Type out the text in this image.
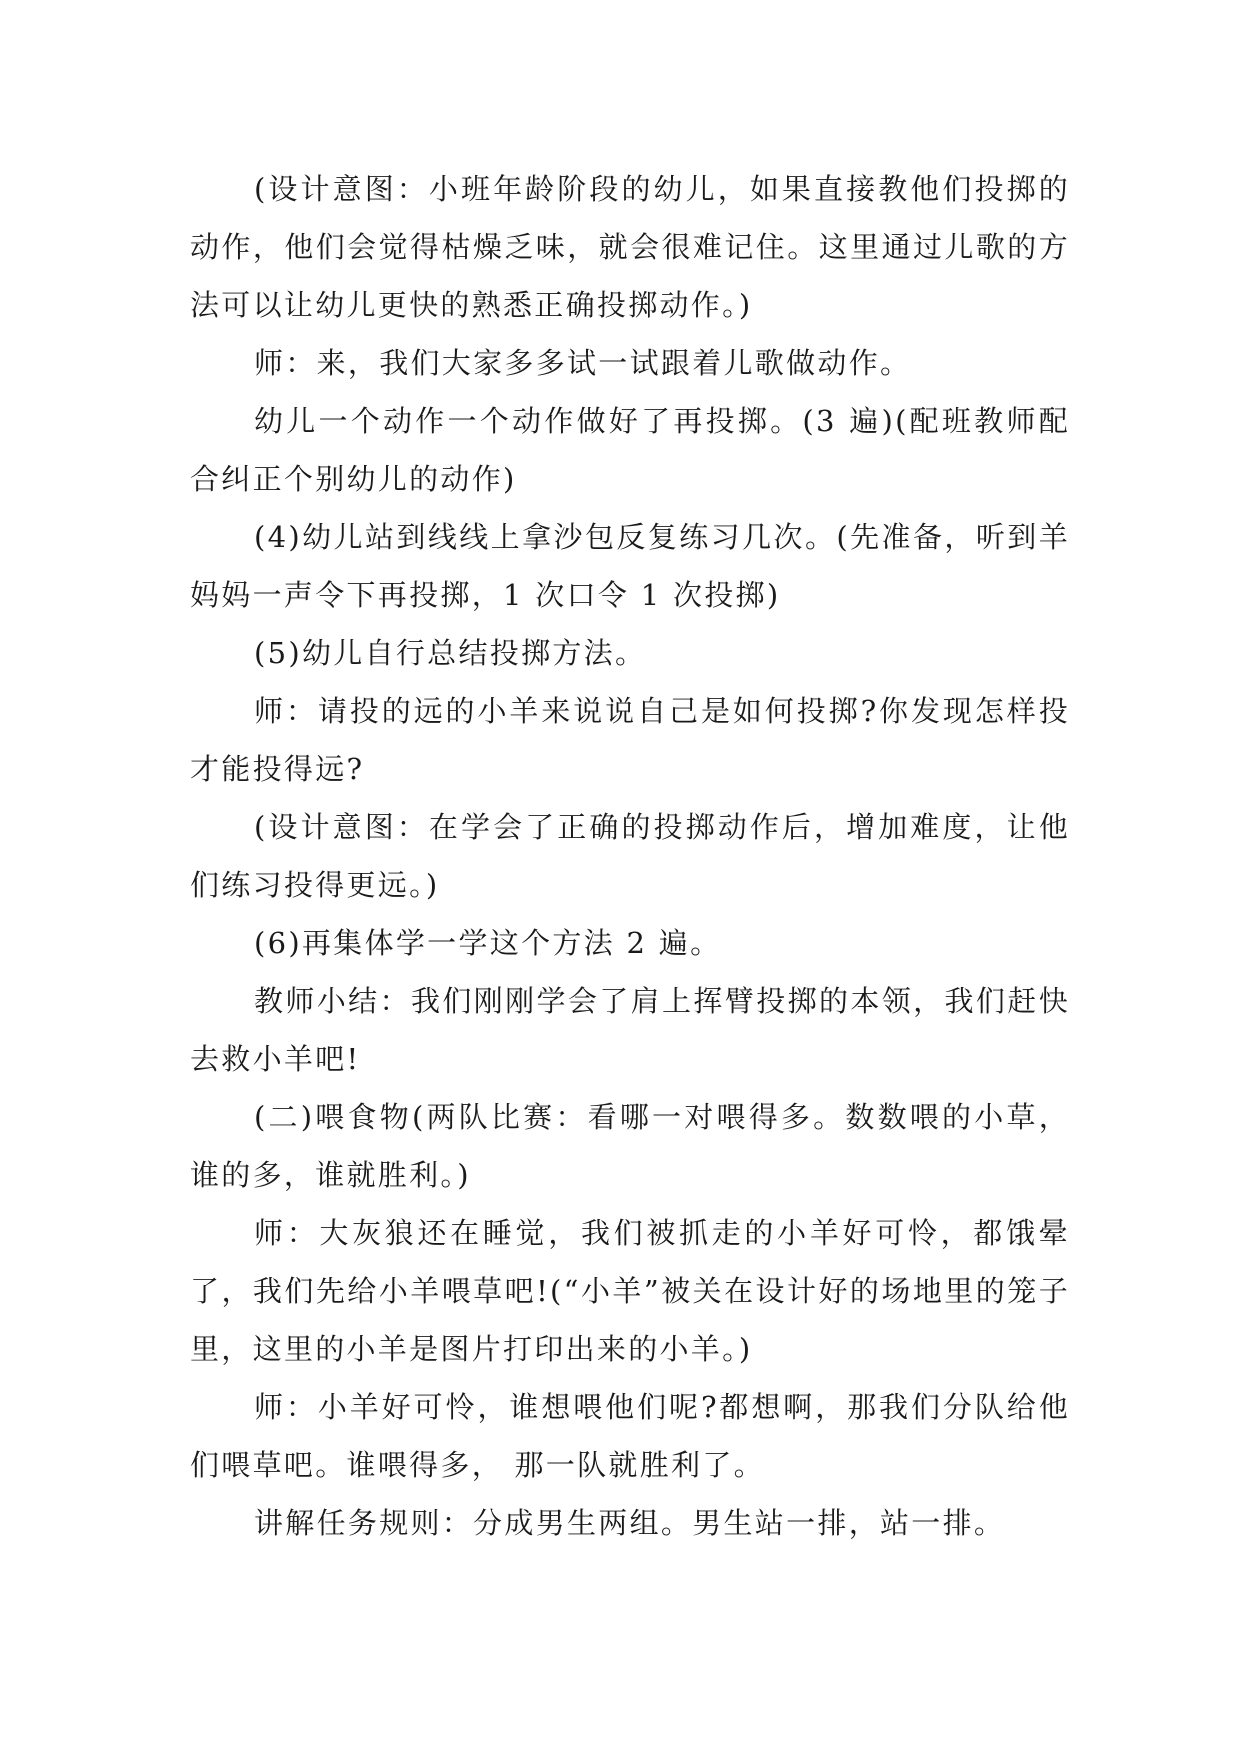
(设计意图：小班年龄阶段的幼儿，如果直接教他们投掷的动作，他们会觉得枯燥乏味，就会很难记住。这里通过儿歌的方法可以让幼儿更快的熟悉正确投掷动作。)

师：来，我们大家多多试一试跟着儿歌做动作。

幼儿一个动作一个动作做好了再投掷。(3 遍)(配班教师配合纠正个别幼儿的动作)

(4)幼儿站到线线上拿沙包反复练习几次。(先准备，听到羊妈妈一声令下再投掷，1 次口令 1 次投掷)

(5)幼儿自行总结投掷方法。

师：请投的远的小羊来说说自己是如何投掷?你发现怎样投才能投得远?

(设计意图：在学会了正确的投掷动作后，增加难度，让他们练习投得更远。)

(6)再集体学一学这个方法 2 遍。

教师小结：我们刚刚学会了肩上挥臂投掷的本领，我们赶快去救小羊吧!

(二)喂食物(两队比赛：看哪一对喂得多。数数喂的小草，谁的多，谁就胜利。)

师：大灰狼还在睡觉，我们被抓走的小羊好可怜，都饿晕了，我们先给小羊喂草吧!(“小羊”被关在设计好的场地里的笼子里，这里的小羊是图片打印出来的小羊。)

师：小羊好可怜，谁想喂他们呢?都想啊，那我们分队给他们喂草吧。谁喂得多， 那一队就胜利了。

讲解任务规则：分成男生两组。男生站一排，站一排。
